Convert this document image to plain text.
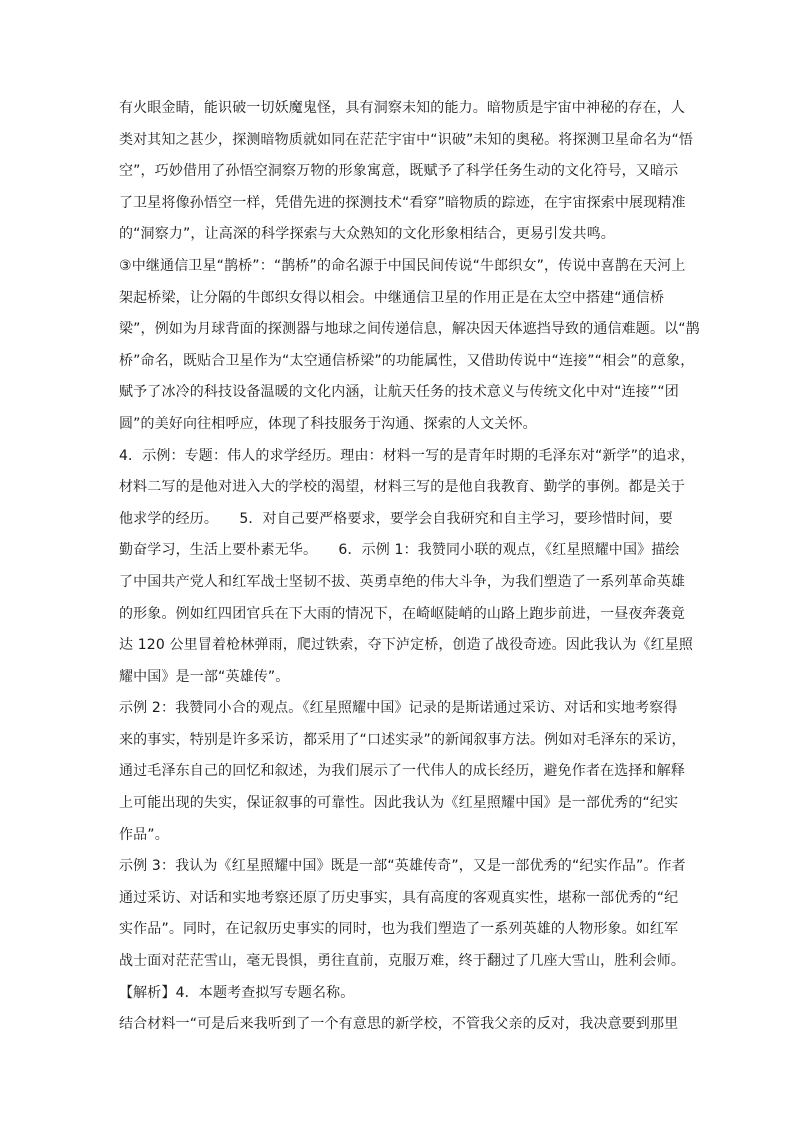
有火眼金睛，能识破一切妖魔鬼怪，具有洞察未知的能力。暗物质是宇宙中神秘的存在，人
类对其知之甚少，探测暗物质就如同在茫茫宇宙中“识破”未知的奥秘。将探测卫星命名为“悟
空”，巧妙借用了孙悟空洞察万物的形象寓意，既赋予了科学任务生动的文化符号，又暗示
了卫星将像孙悟空一样，凭借先进的探测技术“看穿”暗物质的踪迹，在宇宙探索中展现精准
的“洞察力”，让高深的科学探索与大众熟知的文化形象相结合，更易引发共鸣。
③中继通信卫星“鹊桥”：“鹊桥”的命名源于中国民间传说“牛郎织女”，传说中喜鹊在天河上
架起桥梁，让分隔的牛郎织女得以相会。中继通信卫星的作用正是在太空中搭建“通信桥
梁”，例如为月球背面的探测器与地球之间传递信息，解决因天体遮挡导致的通信难题。以“鹊
桥”命名，既贴合卫星作为“太空通信桥梁”的功能属性，又借助传说中“连接”“相会”的意象，
赋予了冰冷的科技设备温暖的文化内涵，让航天任务的技术意义与传统文化中对“连接”“团
圆”的美好向往相呼应，体现了科技服务于沟通、探索的人文关怀。
4．示例：专题：伟人的求学经历。理由：材料一写的是青年时期的毛泽东对“新学”的追求，
材料二写的是他对进入大的学校的渴望，材料三写的是他自我教育、勤学的事例。都是关于
他求学的经历。　　5．对自己要严格要求，要学会自我研究和自主学习，要珍惜时间，要
勤奋学习，生活上要朴素无华。　　6．示例 1：我赞同小联的观点，《红星照耀中国》描绘
了中国共产党人和红军战士坚韧不拔、英勇卓绝的伟大斗争，为我们塑造了一系列革命英雄
的形象。例如红四团官兵在下大雨的情况下，在崎岖陡峭的山路上跑步前进，一昼夜奔袭竟
达 120 公里冒着枪林弹雨，爬过铁索，夺下泸定桥，创造了战役奇迹。因此我认为《红星照
耀中国》是一部“英雄传”。
示例 2：我赞同小合的观点。《红星照耀中国》记录的是斯诺通过采访、对话和实地考察得
来的事实，特别是许多采访，都采用了“口述实录”的新闻叙事方法。例如对毛泽东的采访，
通过毛泽东自己的回忆和叙述，为我们展示了一代伟人的成长经历，避免作者在选择和解释
上可能出现的失实，保证叙事的可靠性。因此我认为《红星照耀中国》是一部优秀的“纪实
作品”。
示例 3：我认为《红星照耀中国》既是一部“英雄传奇”，又是一部优秀的“纪实作品”。作者
通过采访、对话和实地考察还原了历史事实，具有高度的客观真实性，堪称一部优秀的“纪
实作品”。同时，在记叙历史事实的同时，也为我们塑造了一系列英雄的人物形象。如红军
战士面对茫茫雪山，毫无畏惧，勇往直前，克服万难，终于翻过了几座大雪山，胜利会师。
【解析】4．本题考查拟写专题名称。
结合材料一“可是后来我听到了一个有意思的新学校，不管我父亲的反对，我决意要到那里
